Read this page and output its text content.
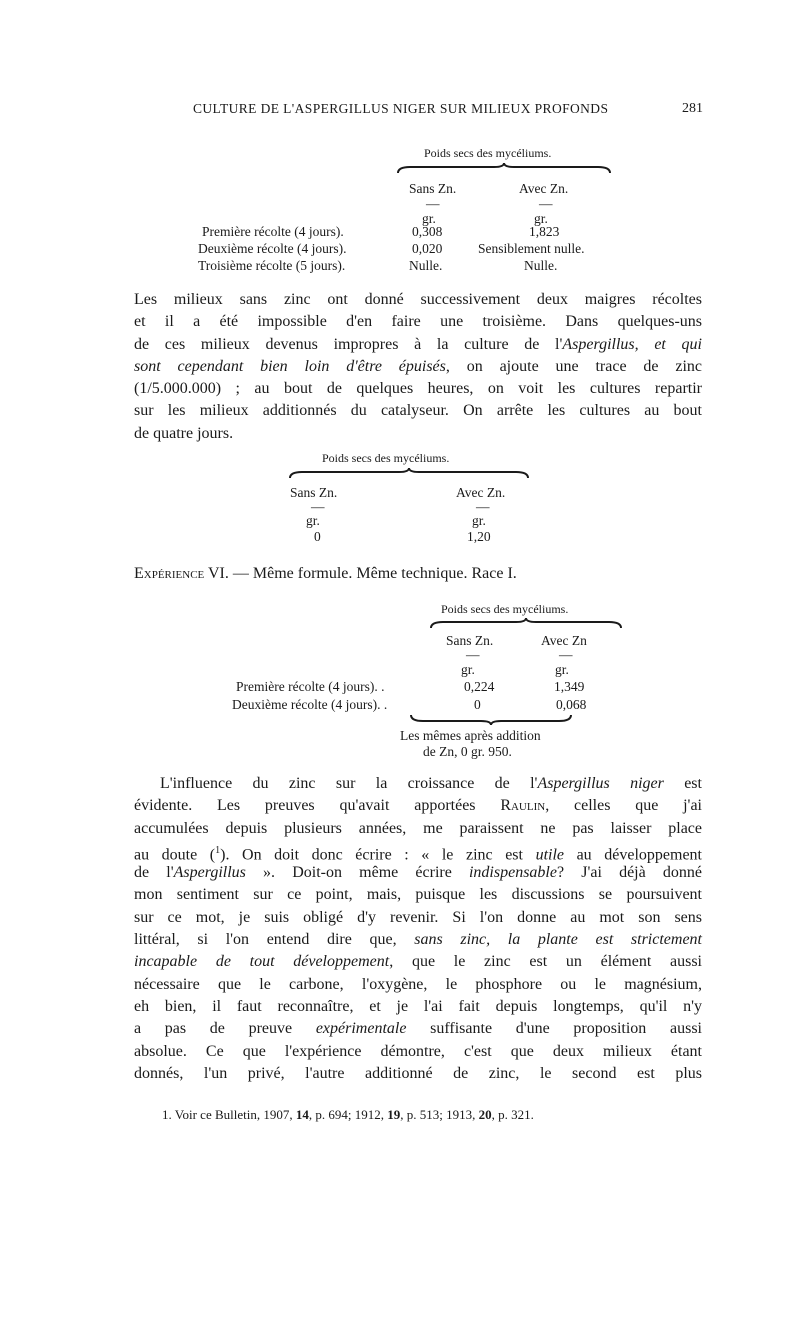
CULTURE DE L'ASPERGILLUS NIGER SUR MILIEUX PROFONDS	281
Poids secs des mycéliums.
Sans Zn.	Avec Zn.
—	—
gr.	gr.
Première récolte (4 jours).	0,308	1,823
Deuxième récolte (4 jours).	0,020	Sensiblement nulle.
Troisième récolte (5 jours).	Nulle.	Nulle.
Les milieux sans zinc ont donné successivement deux maigres récoltes
et il a été impossible d'en faire une troisième. Dans quelques-uns
de ces milieux devenus impropres à la culture de l'Aspergillus, et qui
sont cependant bien loin d'être épuisés, on ajoute une trace de zinc
(1/5.000.000) ; au bout de quelques heures, on voit les cultures repartir
sur les milieux additionnés du catalyseur. On arrête les cultures au bout
de quatre jours.
Poids secs des mycéliums.
Sans Zn.	Avec Zn.
—	—
gr.	gr.
0	1,20
Expérience VI. — Même formule. Même technique. Race I.
Poids secs des mycéliums.
Sans Zn.	Avec Zn
—	—
gr.	gr.
Première récolte (4 jours). .	0,224	1,349
Deuxième récolte (4 jours). .	0	0,068
Les mêmes après addition
de Zn, 0 gr. 950.
L'influence du zinc sur la croissance de l'Aspergillus niger est
évidente. Les preuves qu'avait apportées Raulin, celles que j'ai
accumulées depuis plusieurs années, me paraissent ne pas laisser place
au doute ($^1$). On doit donc écrire : « le zinc est utile au développement
de l'Aspergillus ». Doit-on même écrire indispensable? J'ai déjà donné
mon sentiment sur ce point, mais, puisque les discussions se poursuivent
sur ce mot, je suis obligé d'y revenir. Si l'on donne au mot son sens
littéral, si l'on entend dire que, sans zinc, la plante est strictement
incapable de tout développement, que le zinc est un élément aussi
nécessaire que le carbone, l'oxygène, le phosphore ou le magnésium,
eh bien, il faut reconnaître, et je l'ai fait depuis longtemps, qu'il n'y
a pas de preuve expérimentale suffisante d'une proposition aussi
absolue. Ce que l'expérience démontre, c'est que deux milieux étant
donnés, l'un privé, l'autre additionné de zinc, le second est plus
1. Voir ce Bulletin, 1907, 14, p. 694; 1912, 19, p. 513; 1913, 20, p. 321.
